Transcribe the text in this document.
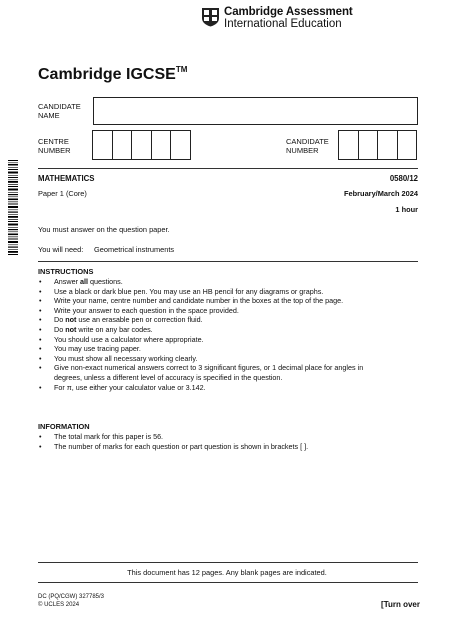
Cambridge Assessment
International Education
Cambridge IGCSE™
CANDIDATE
NAME
CENTRE
NUMBER
CANDIDATE
NUMBER
MATHEMATICS	0580/12
Paper 1 (Core)	February/March 2024
1 hour
You must answer on the question paper.
You will need: Geometrical instruments
INSTRUCTIONS
• Answer all questions.
• Use a black or dark blue pen. You may use an HB pencil for any diagrams or graphs.
• Write your name, centre number and candidate number in the boxes at the top of the page.
• Write your answer to each question in the space provided.
• Do not use an erasable pen or correction fluid.
• Do not write on any bar codes.
• You should use a calculator where appropriate.
• You may use tracing paper.
• You must show all necessary working clearly.
• Give non-exact numerical answers correct to 3 significant figures, or 1 decimal place for angles in
degrees, unless a different level of accuracy is specified in the question.
• For π, use either your calculator value or 3.142.
INFORMATION
• The total mark for this paper is 56.
• The number of marks for each question or part question is shown in brackets [ ].
This document has 12 pages. Any blank pages are indicated.
DC (PQ/CGW) 327785/3
© UCLES 2024	[Turn over
